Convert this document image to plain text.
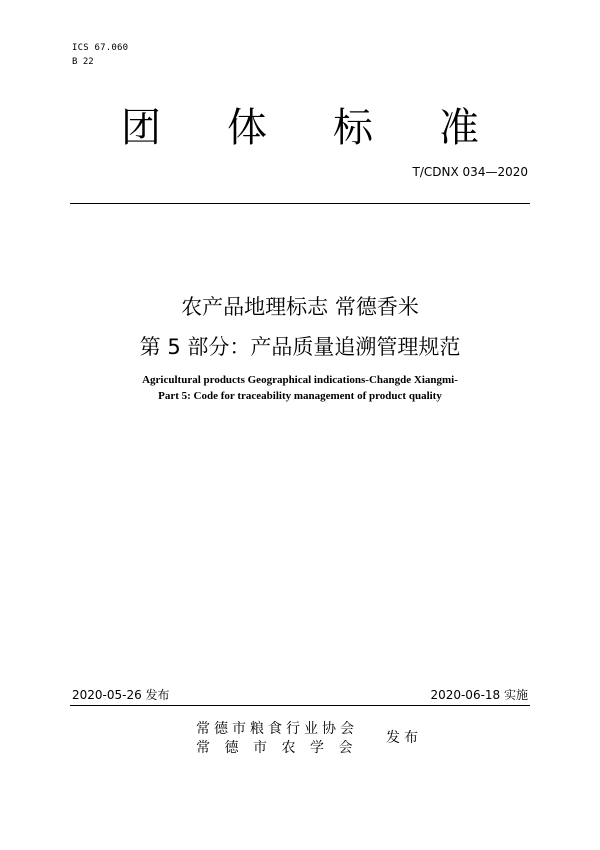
ICS 67.060
B 22
团 体 标 准
T/CDNX 034—2020
农产品地理标志 常德香米
第 5 部分：产品质量追溯管理规范
Agricultural products Geographical indications-Changde Xiangmi-
Part 5: Code for traceability management of product quality
2020-05-26 发布	2020-06-18 实施
常德市粮食行业协会
常德市农学会
发布
